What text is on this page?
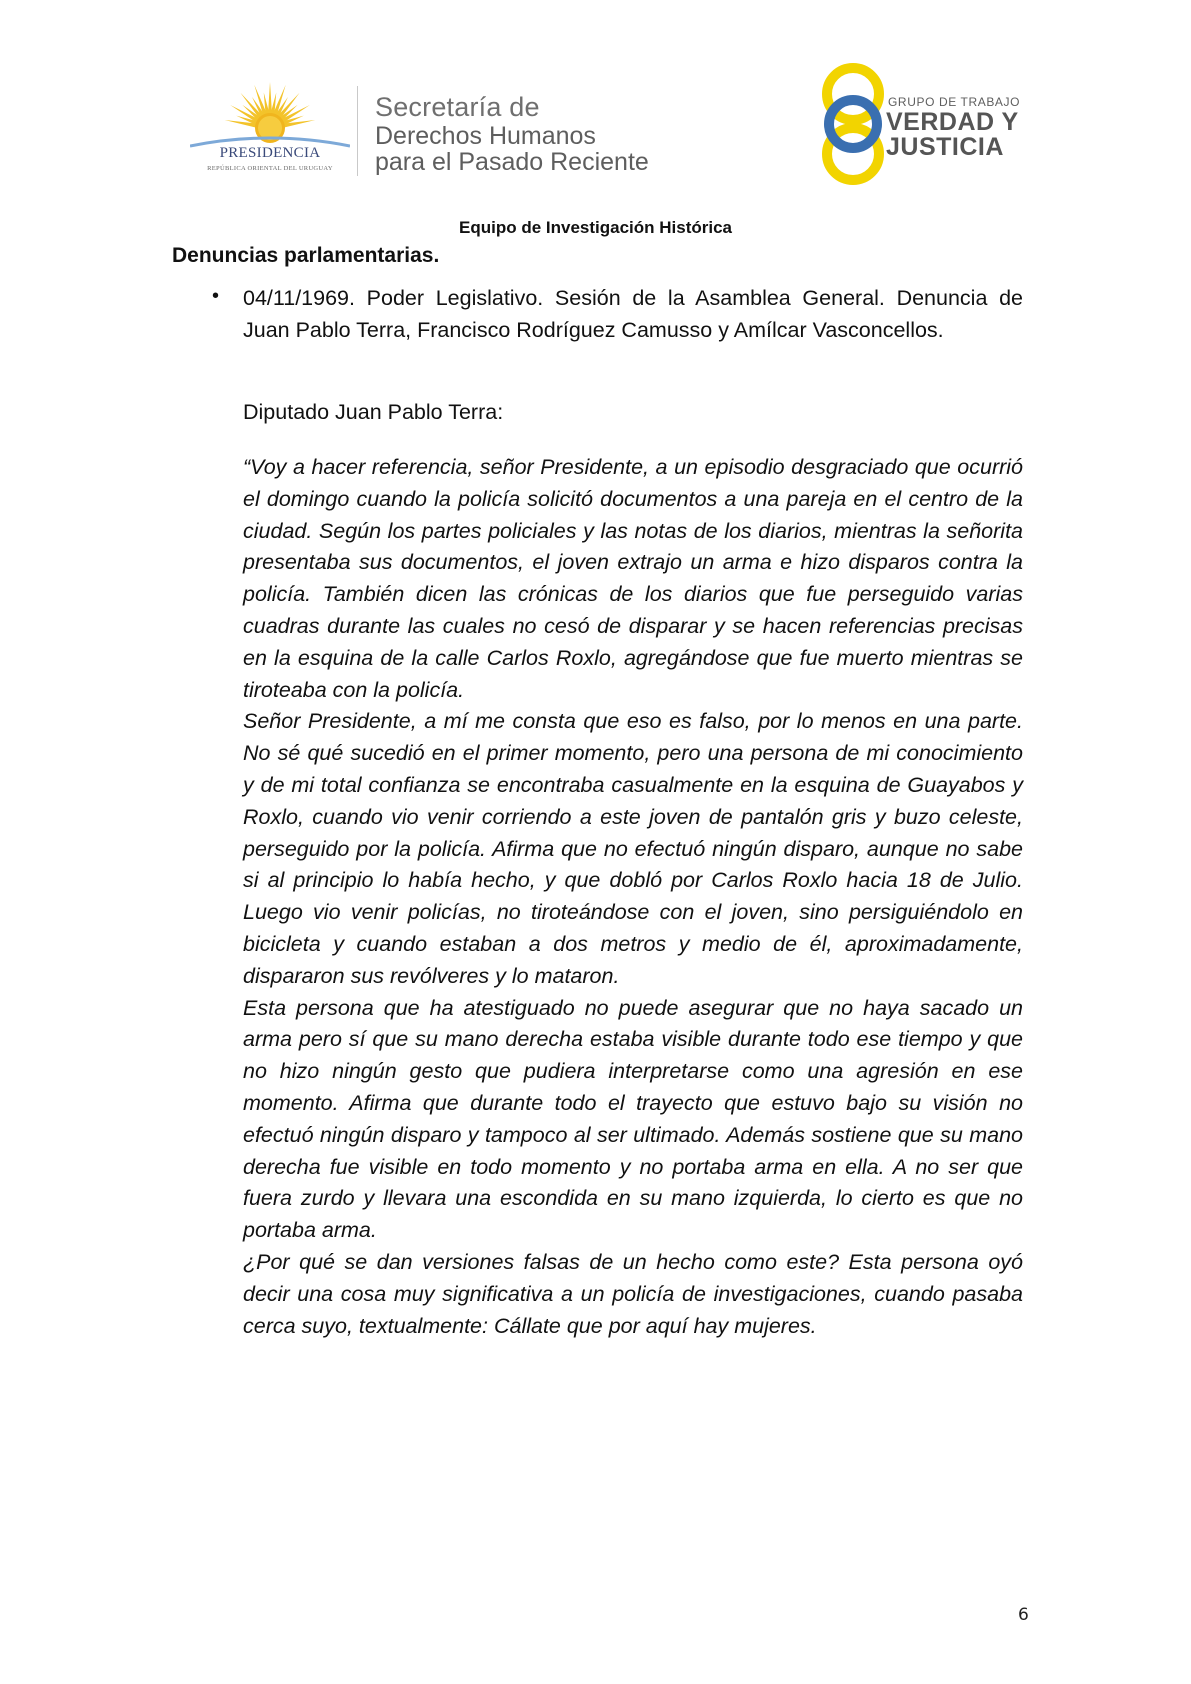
PRESIDENCIA
REPÚBLICA ORIENTAL DEL URUGUAY
Secretaría de
Derechos Humanos
para el Pasado Reciente
GRUPO DE TRABAJO
VERDAD Y
JUSTICIA
Equipo de Investigación Histórica
Denuncias parlamentarias.
• 04/11/1969. Poder Legislativo. Sesión de la Asamblea General. Denuncia de Juan Pablo Terra, Francisco Rodríguez Camusso y Amílcar Vasconcellos.
Diputado Juan Pablo Terra:

“Voy a hacer referencia, señor Presidente, a un episodio desgraciado que ocurrió el domingo cuando la policía solicitó documentos a una pareja en el centro de la ciudad. Según los partes policiales y las notas de los diarios, mientras la señorita presentaba sus documentos, el joven extrajo un arma e hizo disparos contra la policía. También dicen las crónicas de los diarios que fue perseguido varias cuadras durante las cuales no cesó de disparar y se hacen referencias precisas en la esquina de la calle Carlos Roxlo, agregándose que fue muerto mientras se tiroteaba con la policía.

Señor Presidente, a mí me consta que eso es falso, por lo menos en una parte. No sé qué sucedió en el primer momento, pero una persona de mi conocimiento y de mi total confianza se encontraba casualmente en la esquina de Guayabos y Roxlo, cuando vio venir corriendo a este joven de pantalón gris y buzo celeste, perseguido por la policía. Afirma que no efectuó ningún disparo, aunque no sabe si al principio lo había hecho, y que dobló por Carlos Roxlo hacia 18 de Julio. Luego vio venir policías, no tiroteándose con el joven, sino persiguiéndolo en bicicleta y cuando estaban a dos metros y medio de él, aproximadamente, dispararon sus revólveres y lo mataron.

Esta persona que ha atestiguado no puede asegurar que no haya sacado un arma pero sí que su mano derecha estaba visible durante todo ese tiempo y que no hizo ningún gesto que pudiera interpretarse como una agresión en ese momento. Afirma que durante todo el trayecto que estuvo bajo su visión no efectuó ningún disparo y tampoco al ser ultimado. Además sostiene que su mano derecha fue visible en todo momento y no portaba arma en ella. A no ser que fuera zurdo y llevara una escondida en su mano izquierda, lo cierto es que no portaba arma.

¿Por qué se dan versiones falsas de un hecho como este? Esta persona oyó decir una cosa muy significativa a un policía de investigaciones, cuando pasaba cerca suyo, textualmente: Cállate que por aquí hay mujeres.

6
